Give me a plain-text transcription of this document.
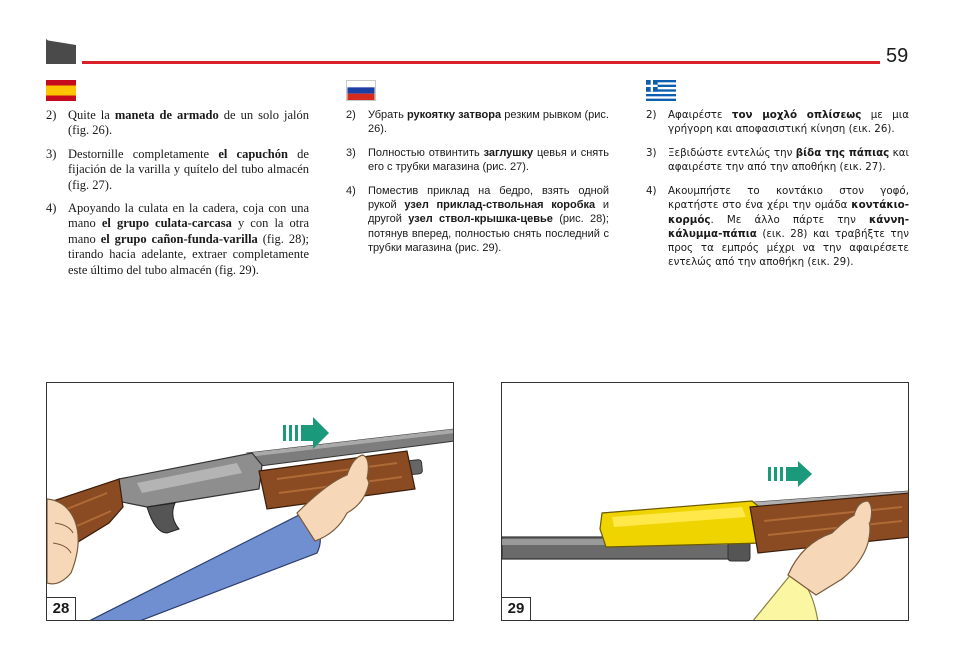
59

2) Quite la maneta de armado de un solo jalón (fig. 26).

3) Destornille completamente el capuchón de fijación de la varilla y quítelo del tubo almacén (fig. 27).

4) Apoyando la culata en la cadera, coja con una mano el grupo culata-carcasa y con la otra mano el grupo cañon-funda-varilla (fig. 28); tirando hacia adelante, extraer completamente este último del tubo almacén (fig. 29).

2) Убрать рукоятку затвора резким рывком (рис. 26).

3) Полностью отвинтить заглушку цевья и снять его с трубки магазина (рис. 27).

4) Поместив приклад на бедро, взять одной рукой узел приклад-ствольная коробка и другой узел ствол-крышка-цевье (рис. 28); потянув вперед, полностью снять последний с трубки магазина (рис. 29).

2) Αφαιρέστε τον μοχλό οπλίσεως με μια γρήγορη και αποφασιστική κίνηση (εικ. 26).

3) Ξεβιδώστε εντελώς την βίδα της πάπιας και αφαιρέστε την από την αποθήκη (εικ. 27).

4) Ακουμπήστε το κοντάκιο στον γοφό, κρατήστε στο ένα χέρι την ομάδα κοντάκιο-κορμός. Με άλλο πάρτε την κάννη-κάλυμμα-πάπια (εικ. 28) και τραβήξτε την προς τα εμπρός μέχρι να την αφαιρέσετε εντελώς από την αποθήκη (εικ. 29).

28	29
